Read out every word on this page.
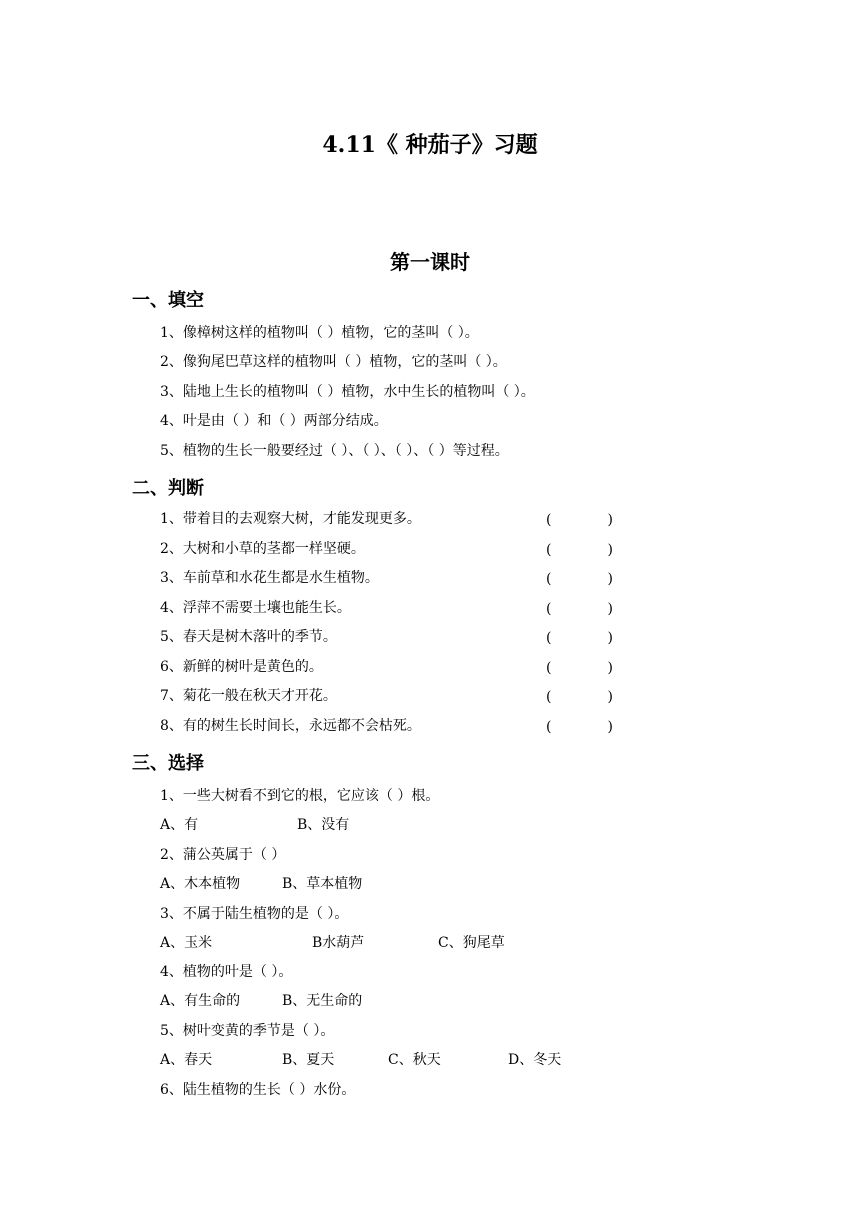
4.11《 种茄子》习题
第一课时
一、填空
1、像樟树这样的植物叫（ ）植物，它的茎叫（ ）。
2、像狗尾巴草这样的植物叫（ ）植物，它的茎叫（ ）。
3、陆地上生长的植物叫（ ）植物，水中生长的植物叫（ ）。
4、叶是由（ ）和（ ）两部分结成。
5、植物的生长一般要经过（ ）、（ ）、（ ）、（ ）等过程。
二、判断
1、带着目的去观察大树，才能发现更多。	(　　　　)
2、大树和小草的茎都一样坚硬。	(　　　　)
3、车前草和水花生都是水生植物。	(　　　　)
4、浮萍不需要土壤也能生长。	(　　　　)
5、春天是树木落叶的季节。	(　　　　)
6、新鲜的树叶是黄色的。	(　　　　)
7、菊花一般在秋天才开花。	(　　　　)
8、有的树生长时间长，永远都不会枯死。	(　　　　)
三、选择
1、一些大树看不到它的根，它应该（ ）根。
A、有	B、没有
2、蒲公英属于（ ）
A、木本植物	B、草本植物
3、不属于陆生植物的是（ ）。
A、玉米	B水葫芦	C、狗尾草
4、植物的叶是（ ）。
A、有生命的	B、无生命的
5、树叶变黄的季节是（ ）。
A、春天	B、夏天	C、秋天	D、冬天
6、陆生植物的生长（ ）水份。
